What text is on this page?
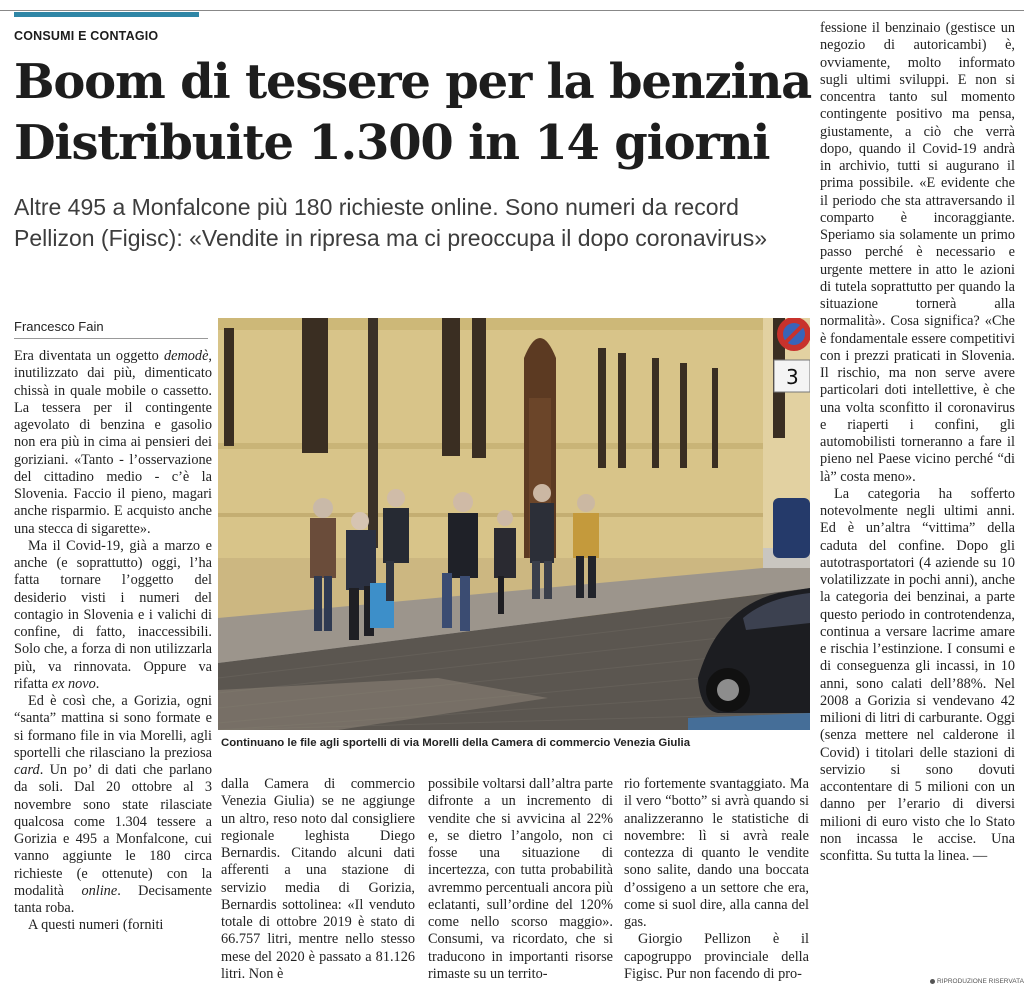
CONSUMI E CONTAGIO
Boom di tessere per la benzina
Distribuite 1.300 in 14 giorni
Altre 495 a Monfalcone più 180 richieste online. Sono numeri da record
Pellizon (Figisc): «Vendite in ripresa ma ci preoccupa il dopo coronavirus»
Francesco Fain

Era diventata un oggetto demodè, inutilizzato dai più, dimenticato chissà in quale mobile o cassetto. La tessera per il contingente agevolato di benzina e gasolio non era più in cima ai pensieri dei goriziani. «Tanto - l’osservazione del cittadino medio - c’è la Slovenia. Faccio il pieno, magari anche risparmio. E acquisto anche una stecca di sigarette».

Ma il Covid-19, già a marzo e anche (e soprattutto) oggi, l’ha fatta tornare l’oggetto del desiderio visti i numeri del contagio in Slovenia e i valichi di confine, di fatto, inaccessibili. Solo che, a forza di non utilizzarla più, va rinnovata. Oppure va rifatta ex novo.

Ed è così che, a Gorizia, ogni “santa” mattina si sono formate e si formano file in via Morelli, agli sportelli che rilasciano la preziosa card. Un po’ di dati che parlano da soli. Dal 20 ottobre al 3 novembre sono state rilasciate qualcosa come 1.304 tessere a Gorizia e 495 a Monfalcone, cui vanno aggiunte le 180 circa richieste (e ottenute) con la modalità online. Decisamente tanta roba.

A questi numeri (forniti

3
Continuano le file agli sportelli di via Morelli della Camera di commercio Venezia Giulia

dalla Camera di commercio Venezia Giulia) se ne aggiunge un altro, reso noto dal consigliere regionale leghista Diego Bernardis. Citando alcuni dati afferenti a una stazione di servizio media di Gorizia, Bernardis sottolinea: «Il venduto totale di ottobre 2019 è stato di 66.757 litri, mentre nello stesso mese del 2020 è passato a 81.126 litri. Non è

possibile voltarsi dall’altra parte difronte a un incremento di vendite che si avvicina al 22% e, se dietro l’angolo, non ci fosse una situazione di incertezza, con tutta probabilità avremmo percentuali ancora più eclatanti, sull’ordine del 120% come nello scorso maggio». Consumi, va ricordato, che si traducono in importanti risorse rimaste su un territo-

rio fortemente svantaggiato. Ma il vero “botto” si avrà quando si analizzeranno le statistiche di novembre: lì si avrà reale contezza di quanto le vendite sono salite, dando una boccata d’ossigeno a un settore che era, come si suol dire, alla canna del gas.

Giorgio Pellizon è il capogruppo provinciale della Figisc. Pur non facendo di pro-

fessione il benzinaio (gestisce un negozio di autoricambi) è, ovviamente, molto informato sugli ultimi sviluppi. E non si concentra tanto sul momento contingente positivo ma pensa, giustamente, a ciò che verrà dopo, quando il Covid-19 andrà in archivio, tutti si augurano il prima possibile. «E evidente che il periodo che sta attraversando il comparto è incoraggiante. Speriamo sia solamente un primo passo perché è necessario e urgente mettere in atto le azioni di tutela soprattutto per quando la situazione tornerà alla normalità». Cosa significa? «Che è fondamentale essere competitivi con i prezzi praticati in Slovenia. Il rischio, ma non serve avere particolari doti intellettive, è che una volta sconfitto il coronavirus e riaperti i confini, gli automobilisti torneranno a fare il pieno nel Paese vicino perché “di là” costa meno».

La categoria ha sofferto notevolmente negli ultimi anni. Ed è un’altra “vittima” della caduta del confine. Dopo gli autotrasportatori (4 aziende su 10 volatilizzate in pochi anni), anche la categoria dei benzinai, a parte questo periodo in controtendenza, continua a versare lacrime amare e rischia l’estinzione. I consumi e di conseguenza gli incassi, in 10 anni, sono calati dell’88%. Nel 2008 a Gorizia si vendevano 42 milioni di litri di carburante. Oggi (senza mettere nel calderone il Covid) i titolari delle stazioni di servizio si sono dovuti accontentare di 5 milioni con un danno per l’erario di diversi milioni di euro visto che lo Stato non incassa le accise. Una sconfitta. Su tutta la linea. —

RIPRODUZIONE RISERVATA
